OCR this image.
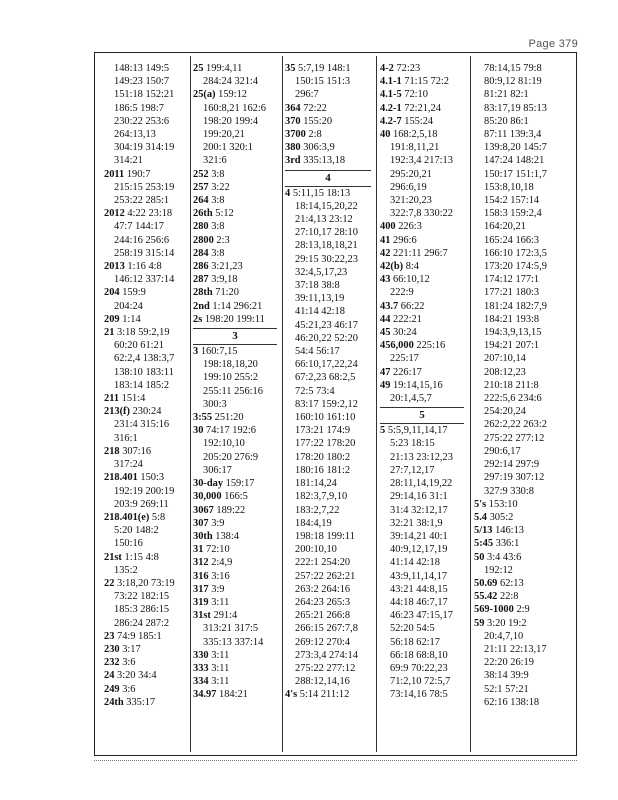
Page 379
148:13 149:5
149:23 150:7
151:18 152:21
186:5 198:7
230:22 253:6
264:13,13
304:19 314:19
314:21
2011 190:7
215:15 253:19
253:22 285:1
2012 4:22 23:18
47:7 144:17
244:16 256:6
258:19 315:14
2013 1:16 4:8
146:12 337:14
204 159:9
204:24
209 1:14
21 3:18 59:2,19
60:20 61:21
62:2,4 138:3,7
138:10 183:11
183:14 185:2
211 151:4
213(f) 230:24
231:4 315:16
316:1
218 307:16
317:24
218.401 150:3
192:19 200:19
203:9 269:11
218.401(e) 5:8
5:20 148:2
150:16
21st 1:15 4:8
135:2
22 3:18,20 73:19
73:22 182:15
185:3 286:15
286:24 287:2
23 74:9 185:1
230 3:17
232 3:6
24 3:20 34:4
249 3:6
24th 335:17
25 199:4,11
284:24 321:4
25(a) 159:12
160:8,21 162:6
198:20 199:4
199:20,21
200:1 320:1
321:6
252 3:8
257 3:22
264 3:8
26th 5:12
280 3:8
2800 2:3
284 3:8
286 3:21,23
287 3:9,18
28th 71:20
2nd 1:14 296:21
2s 198:20 199:11
3
3 160:7,15
198:18,18,20
199:10 255:2
255:11 256:16
300:3
3:55 251:20
30 74:17 192:6
192:10,10
205:20 276:9
306:17
30-day 159:17
30,000 166:5
3067 189:22
307 3:9
30th 138:4
31 72:10
312 2:4,9
316 3:16
317 3:9
319 3:11
31st 291:4
313:21 317:5
335:13 337:14
330 3:11
333 3:11
334 3:11
34.97 184:21
35 5:7,19 148:1
150:15 151:3
296:7
364 72:22
370 155:20
3700 2:8
380 306:3,9
3rd 335:13,18
4
4 5:11,15 18:13
18:14,15,20,22
21:4,13 23:12
27:10,17 28:10
28:13,18,18,21
29:15 30:22,23
32:4,5,17,23
37:18 38:8
39:11,13,19
41:14 42:18
45:21,23 46:17
46:20,22 52:20
54:4 56:17
66:10,17,22,24
67:2,23 68:2,5
72:5 73:4
83:17 159:2,12
160:10 161:10
173:21 174:9
177:22 178:20
178:20 180:2
180:16 181:2
181:14,24
182:3,7,9,10
183:2,7,22
184:4,19
198:18 199:11
200:10,10
222:1 254:20
257:22 262:21
263:2 264:16
264:23 265:3
265:21 266:8
266:15 267:7,8
269:12 270:4
273:3,4 274:14
275:22 277:12
288:12,14,16
4's 5:14 211:12
4-2 72:23
4.1-1 71:15 72:2
4.1-5 72:10
4.2-1 72:21,24
4.2-7 155:24
40 168:2,5,18
191:8,11,21
192:3,4 217:13
295:20,21
296:6,19
321:20,23
322:7,8 330:22
400 226:3
41 296:6
42 221:11 296:7
42(b) 8:4
43 66:10,12
222:9
43.7 66:22
44 222:21
45 30:24
456,000 225:16
225:17
47 226:17
49 19:14,15,16
20:1,4,5,7
5
5 5:5,9,11,14,17
5:23 18:15
21:13 23:12,23
27:7,12,17
28:11,14,19,22
29:14,16 31:1
31:4 32:12,17
32:21 38:1,9
39:14,21 40:1
40:9,12,17,19
41:14 42:18
43:9,11,14,17
43:21 44:8,15
44:18 46:7,17
46:23 47:15,17
52:20 54:5
56:18 62:17
66:18 68:8,10
69:9 70:22,23
71:2,10 72:5,7
73:14,16 78:5
78:14,15 79:8
80:9,12 81:19
81:21 82:1
83:17,19 85:13
85:20 86:1
87:11 139:3,4
139:8,20 145:7
147:24 148:21
150:17 151:1,7
153:8,10,18
154:2 157:14
158:3 159:2,4
164:20,21
165:24 166:3
166:10 172:3,5
173:20 174:5,9
174:12 177:1
177:21 180:3
181:24 182:7,9
184:21 193:8
194:3,9,13,15
194:21 207:1
207:10,14
208:12,23
210:18 211:8
222:5,6 234:6
254:20,24
262:2,22 263:2
275:22 277:12
290:6,17
292:14 297:9
297:19 307:12
327:9 330:8
5's 153:10
5.4 305:2
5/13 146:13
5:45 336:1
50 3:4 43:6
192:12
50.69 62:13
55.42 22:8
569-1000 2:9
59 3:20 19:2
20:4,7,10
21:11 22:13,17
22:20 26:19
38:14 39:9
52:1 57:21
62:16 138:18
